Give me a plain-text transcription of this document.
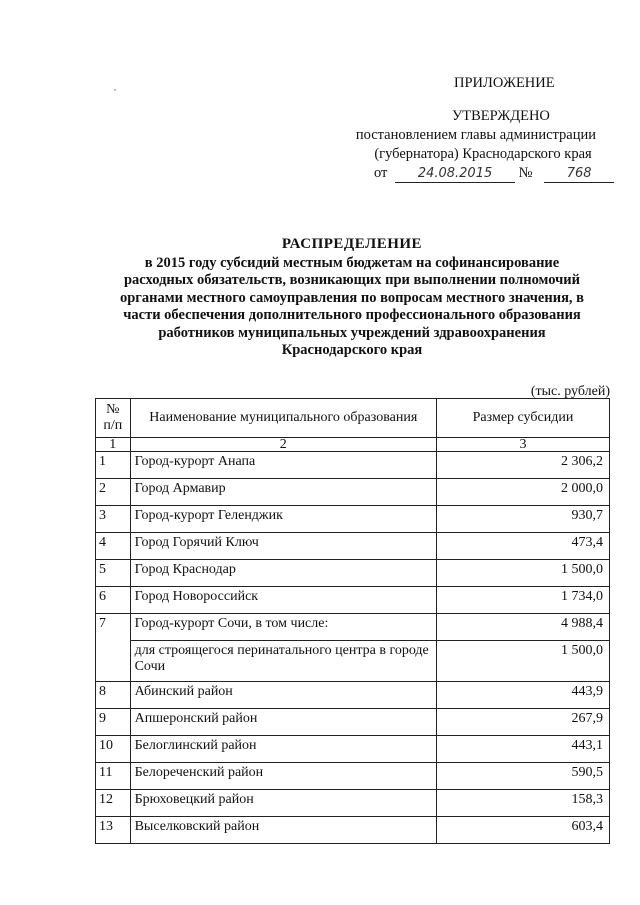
ПРИЛОЖЕНИЕ
УТВЕРЖДЕНО
постановлением главы администрации
(губернатора) Краснодарского края
от 24.08.2015 №	768
РАСПРЕДЕЛЕНИЕ
в 2015 году субсидий местным бюджетам на софинансирование
расходных обязательств, возникающих при выполнении полномочий
органами местного самоуправления по вопросам местного значения, в
части обеспечения дополнительного профессионального образования
работников муниципальных учреждений здравоохранения
Краснодарского края
(тыс. рублей)
№ п/п	Наименование муниципального образования	Размер субсидии
1	2	3
1	Город-курорт Анапа	2 306,2
2	Город Армавир	2 000,0
3	Город-курорт Геленджик	930,7
4	Город Горячий Ключ	473,4
5	Город Краснодар	1 500,0
6	Город Новороссийск	1 734,0
7	Город-курорт Сочи, в том числе:	4 988,4
	для строящегося перинатального центра в городе Сочи	1 500,0
8	Абинский район	443,9
9	Апшеронский район	267,9
10	Белоглинский район	443,1
11	Белореченский район	590,5
12	Брюховецкий район	158,3
13	Выселковский район	603,4
